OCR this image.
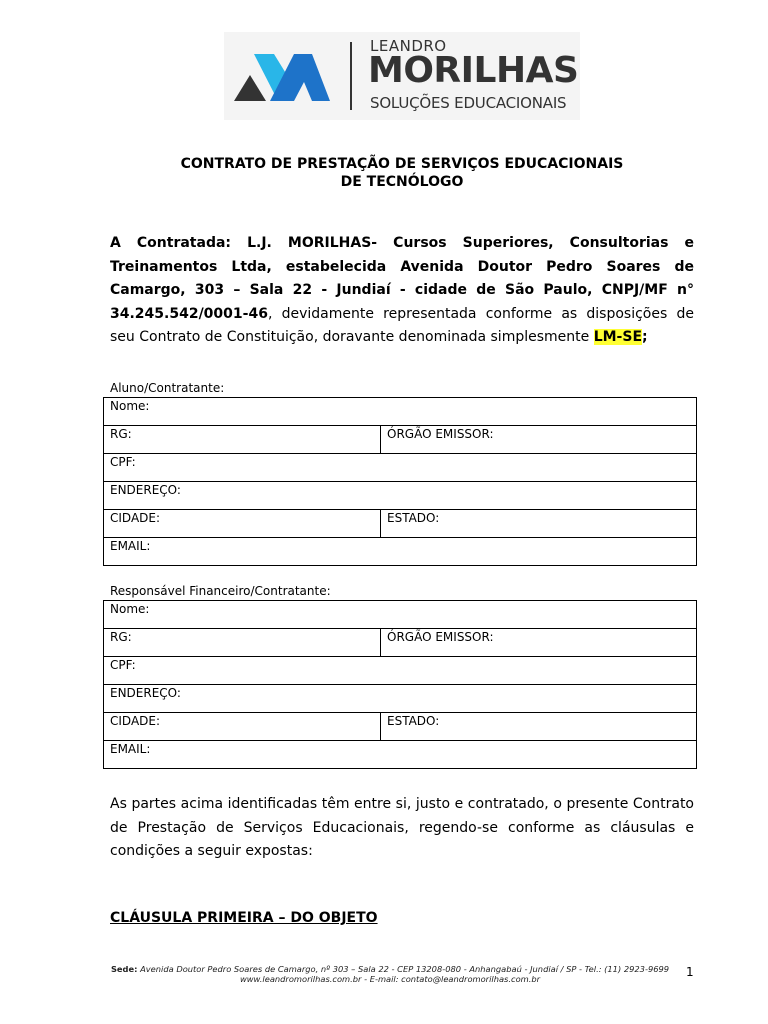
LEANDRO
MORILHAS
SOLUÇÕES EDUCACIONAIS
CONTRATO DE PRESTAÇÃO DE SERVIÇOS EDUCACIONAIS
DE TECNÓLOGO
A Contratada: L.J. MORILHAS- Cursos Superiores, Consultorias e Treinamentos Ltda, estabelecida Avenida Doutor Pedro Soares de Camargo, 303 – Sala 22 - Jundiaí - cidade de São Paulo, CNPJ/MF n° 34.245.542/0001-46, devidamente representada conforme as disposições de seu Contrato de Constituição, doravante denominada simplesmente LM-SE;
Aluno/Contratante:
Nome:	
RG:	ÓRGÃO EMISSOR:
CPF:	
ENDEREÇO:	
CIDADE:	ESTADO:
EMAIL:	
Responsável Financeiro/Contratante:
Nome:	
RG:	ÓRGÃO EMISSOR:
CPF:	
ENDEREÇO:	
CIDADE:	ESTADO:
EMAIL:	
As partes acima identificadas têm entre si, justo e contratado, o presente Contrato de Prestação de Serviços Educacionais, regendo-se conforme as cláusulas e condições a seguir expostas:
CLÁUSULA PRIMEIRA – DO OBJETO
Sede: Avenida Doutor Pedro Soares de Camargo, nº 303 – Sala 22 - CEP 13208-080 - Anhangabaú - Jundiaí / SP - Tel.: (11) 2923-9699
www.leandromorilhas.com.br - E-mail: contato@leandromorilhas.com.br	1
